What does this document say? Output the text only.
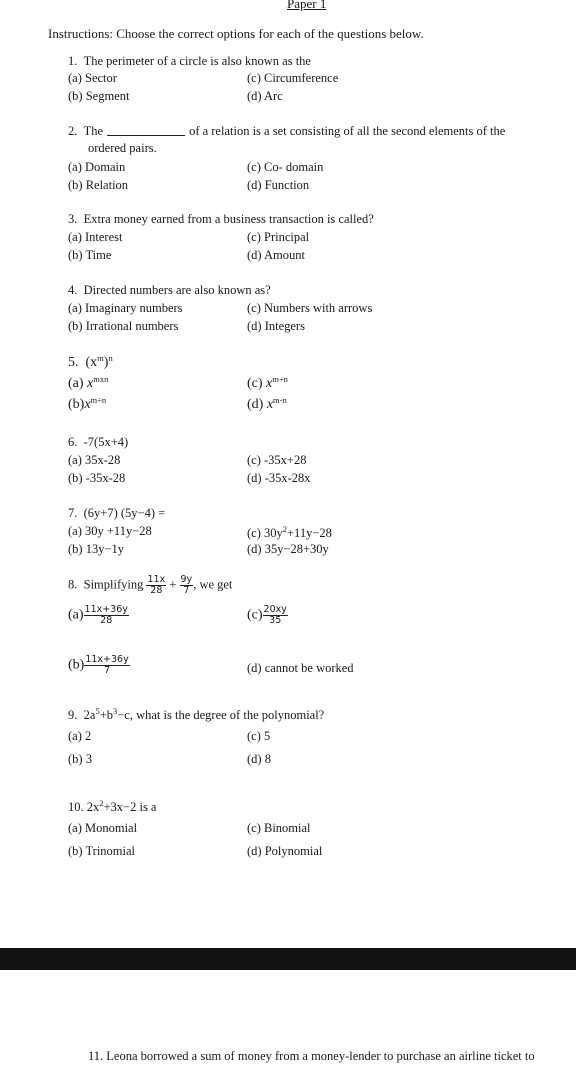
Paper 1
Instructions: Choose the correct options for each of the questions below.
1. The perimeter of a circle is also known as the
(a) Sector
(b) Segment
(c) Circumference
(d) Arc
2. The	of a relation is a set consisting of all the second elements of the
ordered pairs.
(a) Domain
(b) Relation
(c) Co- domain
(d) Function
3. Extra money earned from a business transaction is called?
(a) Interest
(b) Time
(c) Principal
(d) Amount
4. Directed numbers are also known as?
(a) Imaginary numbers
(b) Irrational numbers
(c) Numbers with arrows
(d) Integers
5. $(x^m)^n$
(a) $x^{mxn}$
$(b)x^{m\div n}$
(c) $x^{m+n}$
(d) $x^{m-n}$
6. -7(5x+4)
(a) 35x-28
(b) -35x-28
(c) -35x+28
(d) -35x-28x
7. (6y+7) (5y−4) =
(a) 30y +11y−28
(b) 13y−1y
(c) $30y^2+11y-28$
(d) 35y−28+30y
8. Simplifying $\frac{11x}{28} + \frac{9y}{7}$ , we get
$(a) \frac{11x+36y}{28}$	$(c) \frac{20xy}{35}$
$(b) \frac{11x+36y}{7}$	(d) cannot be worked
9. $2a^5+b^3-c$, what is the degree of the polynomial?
(a) 2
(b) 3
(c) 5
(d) 8
10. $2x^2+3x-2$ is a
(a) Monomial
(b) Trinomial
(c) Binomial
(d) Polynomial
11. Leona borrowed a sum of money from a money-lender to purchase an airline ticket to
